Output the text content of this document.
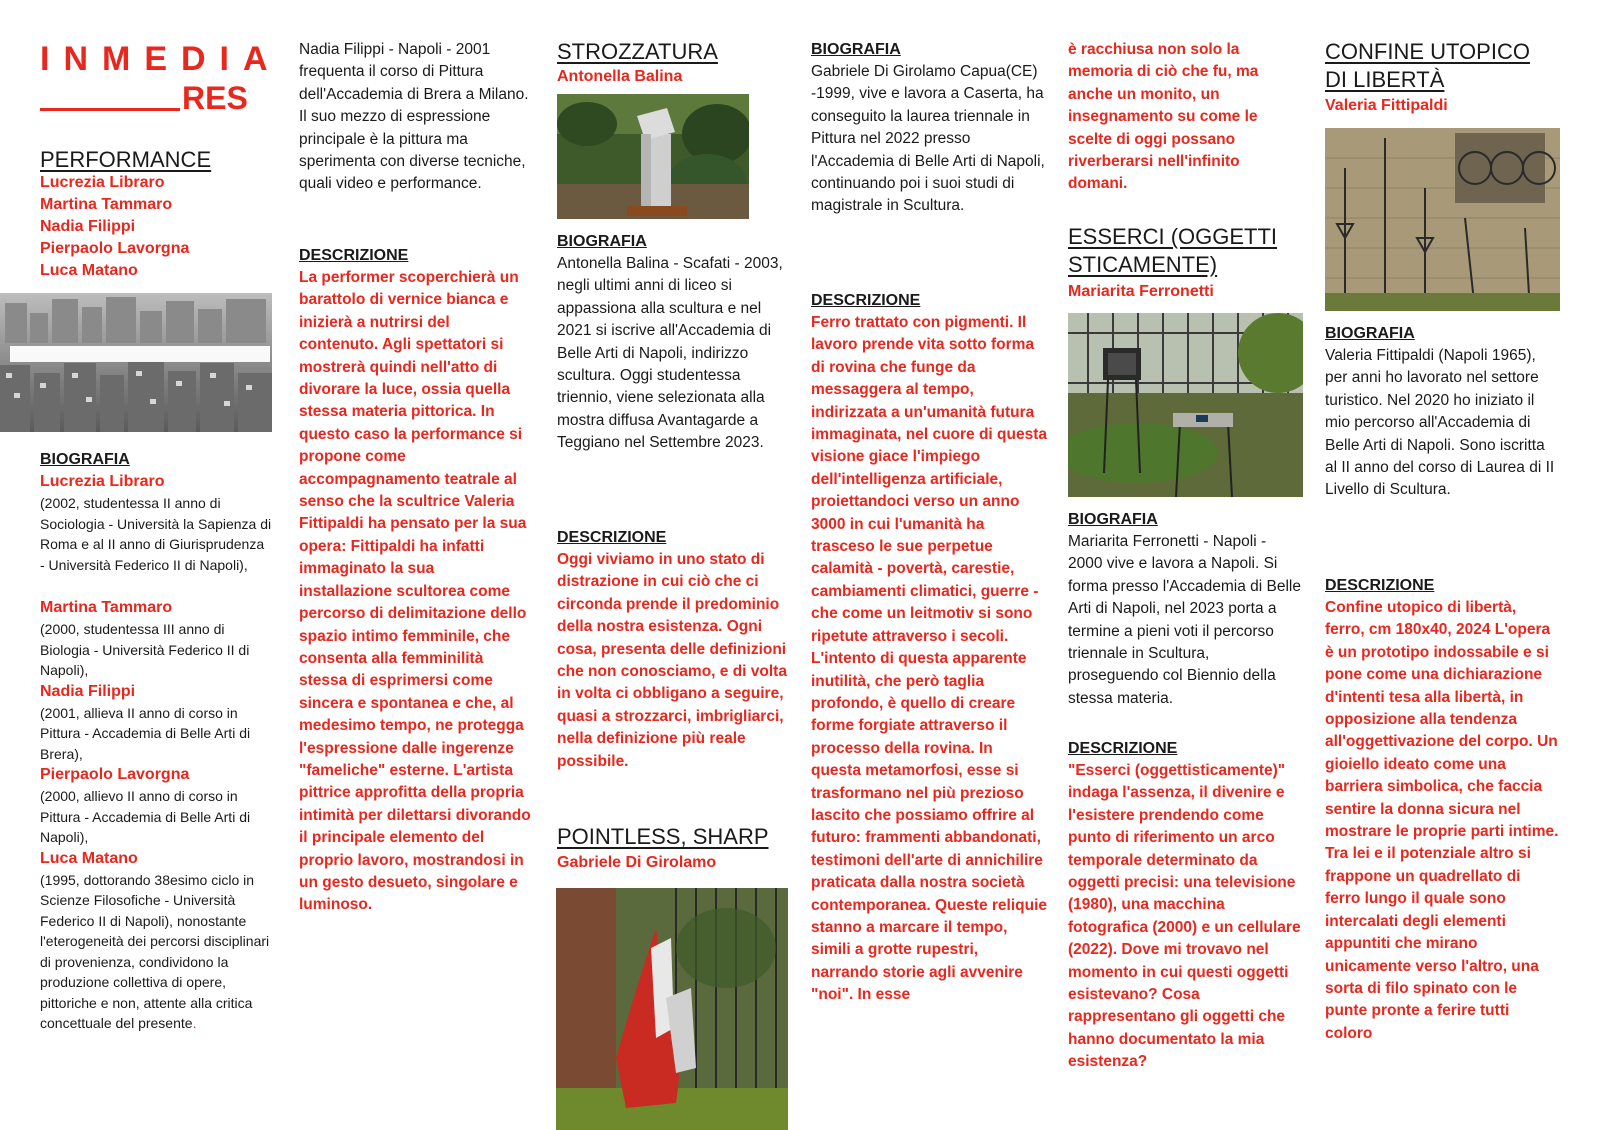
INMEDIA
RES
PERFORMANCE
Lucrezia Libraro
Martina Tammaro
Nadia Filippi
Pierpaolo Lavorgna
Luca Matano
BIOGRAFIA
Lucrezia Libraro
(2002, studentessa II anno di Sociologia - Università la Sapienza di Roma e al II anno di Giurisprudenza - Università Federico II di Napoli),
Martina Tammaro
(2000, studentessa III anno di Biologia - Università Federico II di Napoli),
Nadia Filippi
(2001, allieva II anno di corso in Pittura - Accademia di Belle Arti di Brera),
Pierpaolo Lavorgna
(2000, allievo II anno di corso in Pittura - Accademia di Belle Arti di Napoli),
Luca Matano
(1995, dottorando 38esimo ciclo in Scienze Filosofiche - Università Federico II di Napoli), nonostante l'eterogeneità dei percorsi disciplinari di provenienza, condividono la produzione collettiva di opere, pittoriche e non, attente alla critica concettuale del presente.
Nadia Filippi - Napoli - 2001 frequenta il corso di Pittura dell'Accademia di Brera a Milano. Il suo mezzo di espressione principale è la pittura ma sperimenta con diverse tecniche, quali video e performance.
DESCRIZIONE
La performer scoperchierà un barattolo di vernice bianca e inizierà a nutrirsi del contenuto. Agli spettatori si mostrerà quindi nell'atto di divorare la luce, ossia quella stessa materia pittorica. In questo caso la performance si propone come accompagnamento teatrale al senso che la scultrice Valeria Fittipaldi ha pensato per la sua opera: Fittipaldi ha infatti immaginato la sua installazione scultorea come percorso di delimitazione dello spazio intimo femminile, che consenta alla femminilità stessa di esprimersi come sincera e spontanea e che, al medesimo tempo, ne protegga l'espressione dalle ingerenze "fameliche" esterne. L'artista pittrice approfitta della propria intimità per dilettarsi divorando il principale elemento del proprio lavoro, mostrandosi in un gesto desueto, singolare e luminoso.
STROZZATURA
Antonella Balina
BIOGRAFIA
Antonella Balina - Scafati - 2003, negli ultimi anni di liceo si appassiona alla scultura e nel 2021 si iscrive all'Accademia di Belle Arti di Napoli, indirizzo scultura. Oggi studentessa triennio, viene selezionata alla mostra diffusa Avantagarde a Teggiano nel Settembre 2023.
DESCRIZIONE
Oggi viviamo in uno stato di distrazione in cui ciò che ci circonda prende il predominio della nostra esistenza. Ogni cosa, presenta delle definizioni che non conosciamo, e di volta in volta ci obbligano a seguire, quasi a strozzarci, imbrigliarci, nella definizione più reale possibile.
POINTLESS, SHARP
Gabriele Di Girolamo
BIOGRAFIA
Gabriele Di Girolamo Capua(CE) -1999, vive e lavora a Caserta, ha conseguito la laurea triennale in Pittura nel 2022 presso l'Accademia di Belle Arti di Napoli, continuando poi i suoi studi di magistrale in Scultura.
DESCRIZIONE
Ferro trattato con pigmenti. Il lavoro prende vita sotto forma di rovina che funge da messaggera al tempo, indirizzata a un'umanità futura immaginata, nel cuore di questa visione giace l'impiego dell'intelligenza artificiale, proiettandoci verso un anno 3000 in cui l'umanità ha trasceso le sue perpetue calamità - povertà, carestie, cambiamenti climatici, guerre - che come un leitmotiv si sono ripetute attraverso i secoli. L'intento di questa apparente inutilità, che però taglia profondo, è quello di creare forme forgiate attraverso il processo della rovina. In questa metamorfosi, esse si trasformano nel più prezioso lascito che possiamo offrire al futuro: frammenti abbandonati, testimoni dell'arte di annichilire praticata dalla nostra società contemporanea. Queste reliquie stanno a marcare il tempo, simili a grotte rupestri, narrando storie agli avvenire "noi". In esse
è racchiusa non solo la memoria di ciò che fu, ma anche un monito, un insegnamento su come le scelte di oggi possano riverberarsi nell'infinito domani.
ESSERCI (OGGETTI STICAMENTE)
Mariarita Ferronetti
BIOGRAFIA
Mariarita Ferronetti - Napoli - 2000 vive e lavora a Napoli. Si forma presso l'Accademia di Belle Arti di Napoli, nel 2023 porta a termine a pieni voti il percorso triennale in Scultura, proseguendo col Biennio della stessa materia.
DESCRIZIONE
"Esserci (oggettisticamente)" indaga l'assenza, il divenire e l'esistere prendendo come punto di riferimento un arco temporale determinato da oggetti precisi: una televisione (1980), una macchina fotografica (2000) e un cellulare (2022). Dove mi trovavo nel momento in cui questi oggetti esistevano? Cosa rappresentano gli oggetti che hanno documentato la mia esistenza?
CONFINE UTOPICO DI LIBERTÀ
Valeria Fittipaldi
BIOGRAFIA
Valeria Fittipaldi (Napoli 1965), per anni ho lavorato nel settore turistico. Nel 2020 ho iniziato il mio percorso all'Accademia di Belle Arti di Napoli. Sono iscritta al II anno del corso di Laurea di II Livello di Scultura.
DESCRIZIONE
Confine utopico di libertà, ferro, cm 180x40, 2024 L'opera è un prototipo indossabile e si pone come una dichiarazione d'intenti tesa alla libertà, in opposizione alla tendenza all'oggettivazione del corpo. Un gioiello ideato come una barriera simbolica, che faccia sentire la donna sicura nel mostrare le proprie parti intime. Tra lei e il potenziale altro si frappone un quadrellato di ferro lungo il quale sono intercalati degli elementi appuntiti che mirano unicamente verso l'altro, una sorta di filo spinato con le punte pronte a ferire tutti coloro
